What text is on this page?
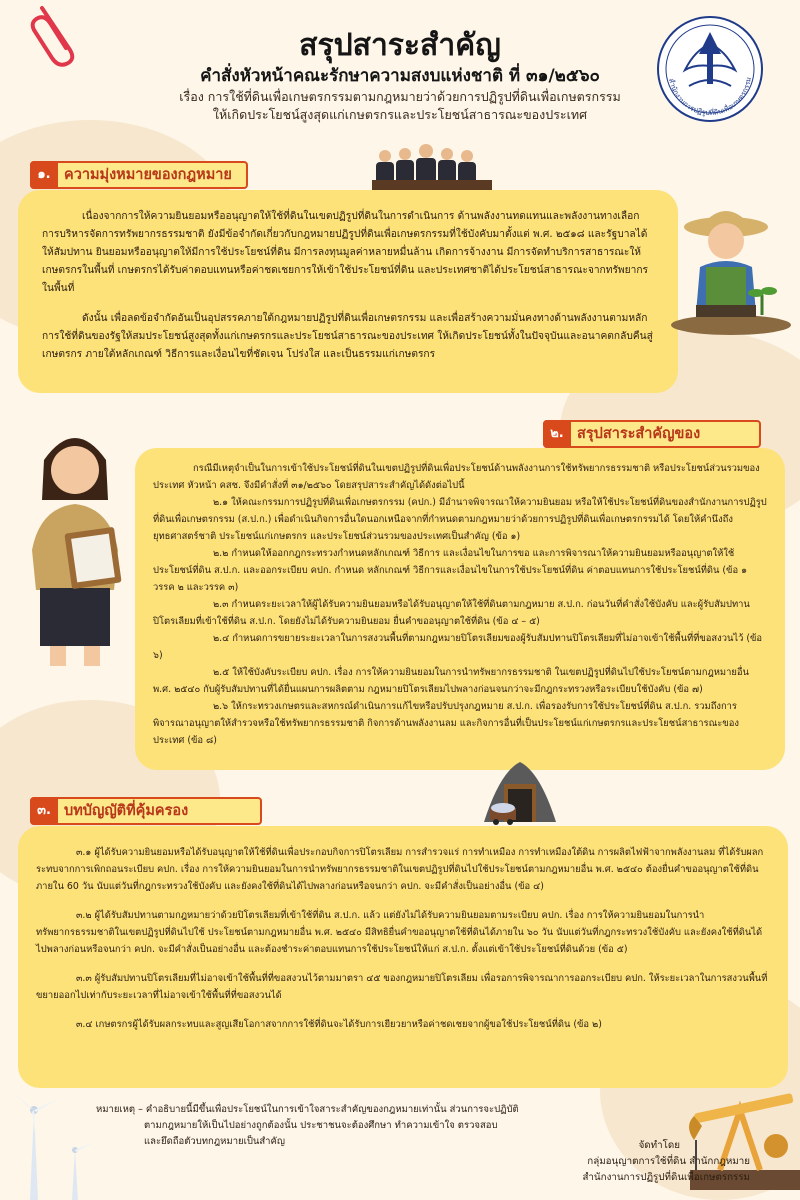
สรุปสาระสำคัญ
คำสั่งหัวหน้าคณะรักษาความสงบแห่งชาติ ที่ ๓๑/๒๕๖๐
เรื่อง การใช้ที่ดินเพื่อเกษตรกรรมตามกฎหมายว่าด้วยการปฏิรูปที่ดินเพื่อเกษตรกรรม
ให้เกิดประโยชน์สูงสุดแก่เกษตรกรและประโยชน์สาธารณะของประเทศ
สำนักงานการปฏิรูปที่ดินเพื่อเกษตรกรรม
๑. ความมุ่งหมายของกฎหมาย

เนื่องจากการให้ความยินยอมหรืออนุญาตให้ใช้ที่ดินในเขตปฏิรูปที่ดินในการดำเนินการ ด้านพลังงานทดแทนและพลังงานทางเลือก การบริหารจัดการทรัพยากรธรรมชาติ ยังมีข้อจำกัดเกี่ยวกับกฎหมายปฏิรูปที่ดินเพื่อเกษตรกรรมที่ใช้บังคับมาตั้งแต่ พ.ศ. ๒๕๑๘ และรัฐบาลได้ให้สัมปทาน ยินยอมหรืออนุญาตให้มีการใช้ประโยชน์ที่ดิน มีการลงทุนมูลค่าหลายหมื่นล้าน เกิดการจ้างงาน มีการจัดทำบริการสาธารณะให้เกษตรกรในพื้นที่ เกษตรกรได้รับค่าตอบแทนหรือค่าชดเชยการให้เข้าใช้ประโยชน์ที่ดิน และประเทศชาติได้ประโยชน์สาธารณะจากทรัพยากรในพื้นที่

ดังนั้น เพื่อลดข้อจำกัดอันเป็นอุปสรรคภายใต้กฎหมายปฏิรูปที่ดินเพื่อเกษตรกรรม และเพื่อสร้างความมั่นคงทางด้านพลังงานตามหลักการใช้ที่ดินของรัฐให้สมประโยชน์สูงสุดทั้งแก่เกษตรกรและประโยชน์สาธารณะของประเทศ ให้เกิดประโยชน์ทั้งในปัจจุบันและอนาคตกลับคืนสู่เกษตรกร ภายใต้หลักเกณฑ์ วิธีการและเงื่อนไขที่ชัดเจน โปร่งใส และเป็นธรรมแก่เกษตรกร

๒. สรุปสาระสำคัญของ

กรณีมีเหตุจำเป็นในการเข้าใช้ประโยชน์ที่ดินในเขตปฏิรูปที่ดินเพื่อประโยชน์ด้านพลังงานการใช้ทรัพยากรธรรมชาติ หรือประโยชน์ส่วนรวมของประเทศ หัวหน้า คสช. จึงมีคำสั่งที่ ๓๑/๒๕๖๐ โดยสรุปสาระสำคัญได้ดังต่อไปนี้

๒.๑ ให้คณะกรรมการปฏิรูปที่ดินเพื่อเกษตรกรรม (คปก.) มีอำนาจพิจารณาให้ความยินยอม หรือให้ใช้ประโยชน์ที่ดินของสำนักงานการปฏิรูปที่ดินเพื่อเกษตรกรรม (ส.ป.ก.) เพื่อดำเนินกิจการอื่นใดนอกเหนือจากที่กำหนดตามกฎหมายว่าด้วยการปฏิรูปที่ดินเพื่อเกษตรกรรมได้ โดยให้คำนึงถึงยุทธศาสตร์ชาติ ประโยชน์แก่เกษตรกร และประโยชน์ส่วนรวมของประเทศเป็นสำคัญ (ข้อ ๑)

๒.๒ กำหนดให้ออกกฎกระทรวงกำหนดหลักเกณฑ์ วิธีการ และเงื่อนไขในการขอ และการพิจารณาให้ความยินยอมหรืออนุญาตให้ใช้ประโยชน์ที่ดิน ส.ป.ก. และออกระเบียบ คปก. กำหนด หลักเกณฑ์ วิธีการและเงื่อนไขในการใช้ประโยชน์ที่ดิน ค่าตอบแทนการใช้ประโยชน์ที่ดิน (ข้อ ๑ วรรค ๒ และวรรค ๓)

๒.๓ กำหนดระยะเวลาให้ผู้ได้รับความยินยอมหรือได้รับอนุญาตให้ใช้ที่ดินตามกฎหมาย ส.ป.ก. ก่อนวันที่คำสั่งใช้บังคับ และผู้รับสัมปทานปิโตรเลียมที่เข้าใช้ที่ดิน ส.ป.ก. โดยยังไม่ได้รับความยินยอม ยื่นคำขออนุญาตใช้ที่ดิน (ข้อ ๔ – ๕)

๒.๔ กำหนดการขยายระยะเวลาในการสงวนพื้นที่ตามกฎหมายปิโตรเลียมของผู้รับสัมปทานปิโตรเลียมที่ไม่อาจเข้าใช้พื้นที่ที่ขอสงวนไว้ (ข้อ ๖)

๒.๕ ให้ใช้บังคับระเบียบ คปก. เรื่อง การให้ความยินยอมในการนำทรัพยากรธรรมชาติ ในเขตปฏิรูปที่ดินไปใช้ประโยชน์ตามกฎหมายอื่น พ.ศ. ๒๕๔๐ กับผู้รับสัมปทานที่ได้ยื่นแผนการผลิตตาม กฎหมายปิโตรเลียมไปพลางก่อนจนกว่าจะมีกฎกระทรวงหรือระเบียบใช้บังคับ (ข้อ ๗)

๒.๖ ให้กระทรวงเกษตรและสหกรณ์ดำเนินการแก้ไขหรือปรับปรุงกฎหมาย ส.ป.ก. เพื่อรองรับการใช้ประโยชน์ที่ดิน ส.ป.ก. รวมถึงการพิจารณาอนุญาตให้สำรวจหรือใช้ทรัพยากรธรรมชาติ กิจการด้านพลังงานลม และกิจการอื่นที่เป็นประโยชน์แก่เกษตรกรและประโยชน์สาธารณะของประเทศ (ข้อ ๘)

๓. บทบัญญัติที่คุ้มครอง

๓.๑ ผู้ได้รับความยินยอมหรือได้รับอนุญาตให้ใช้ที่ดินเพื่อประกอบกิจการปิโตรเลียม การสำรวจแร่ การทำเหมือง การทำเหมืองใต้ดิน การผลิตไฟฟ้าจากพลังงานลม ที่ได้รับผลกระทบจากการเพิกถอนระเบียบ คปก. เรื่อง การให้ความยินยอมในการนำทรัพยากรธรรมชาติในเขตปฏิรูปที่ดินไปใช้ประโยชน์ตามกฎหมายอื่น พ.ศ. ๒๕๔๐ ต้องยื่นคำขออนุญาตใช้ที่ดินภายใน 60 วัน นับแต่วันที่กฎกระทรวงใช้บังคับ และยังคงใช้ที่ดินได้ไปพลางก่อนหรือจนกว่า คปก. จะมีคำสั่งเป็นอย่างอื่น (ข้อ ๔)

๓.๒ ผู้ได้รับสัมปทานตามกฎหมายว่าด้วยปิโตรเลียมที่เข้าใช้ที่ดิน ส.ป.ก. แล้ว แต่ยังไม่ได้รับความยินยอมตามระเบียบ คปก. เรื่อง การให้ความยินยอมในการนำทรัพยากรธรรมชาติในเขตปฏิรูปที่ดินไปใช้ ประโยชน์ตามกฎหมายอื่น พ.ศ. ๒๕๔๐ มีสิทธิยื่นคำขออนุญาตใช้ที่ดินได้ภายใน ๖๐ วัน นับแต่วันที่กฎกระทรวงใช้บังคับ และยังคงใช้ที่ดินได้ไปพลางก่อนหรือจนกว่า คปก. จะมีคำสั่งเป็นอย่างอื่น และต้องชำระค่าตอบแทนการใช้ประโยชน์ให้แก่ ส.ป.ก. ตั้งแต่เข้าใช้ประโยชน์ที่ดินด้วย (ข้อ ๕)

๓.๓ ผู้รับสัมปทานปิโตรเลียมที่ไม่อาจเข้าใช้พื้นที่ที่ขอสงวนไว้ตามมาตรา ๔๕ ของกฎหมายปิโตรเลียม เพื่อรอการพิจารณาการออกระเบียบ คปก. ให้ระยะเวลาในการสงวนพื้นที่ขยายออกไปเท่ากับระยะเวลาที่ไม่อาจเข้าใช้พื้นที่ที่ขอสงวนได้

๓.๔ เกษตรกรผู้ได้รับผลกระทบและสูญเสียโอกาสจากการใช้ที่ดินจะได้รับการเยียวยาหรือค่าชดเชยจากผู้ขอใช้ประโยชน์ที่ดิน (ข้อ ๒)

หมายเหตุ – คำอธิบายนี้มีขึ้นเพื่อประโยชน์ในการเข้าใจสาระสำคัญของกฎหมายเท่านั้น ส่วนการจะปฏิบัติ
ตามกฎหมายให้เป็นไปอย่างถูกต้องนั้น ประชาชนจะต้องศึกษา ทำความเข้าใจ ตรวจสอบ
และยึดถือตัวบทกฎหมายเป็นสำคัญ	จัดทำโดย
กลุ่มอนุญาตการใช้ที่ดิน สำนักกฎหมาย
สำนักงานการปฏิรูปที่ดินเพื่อเกษตรกรรม
